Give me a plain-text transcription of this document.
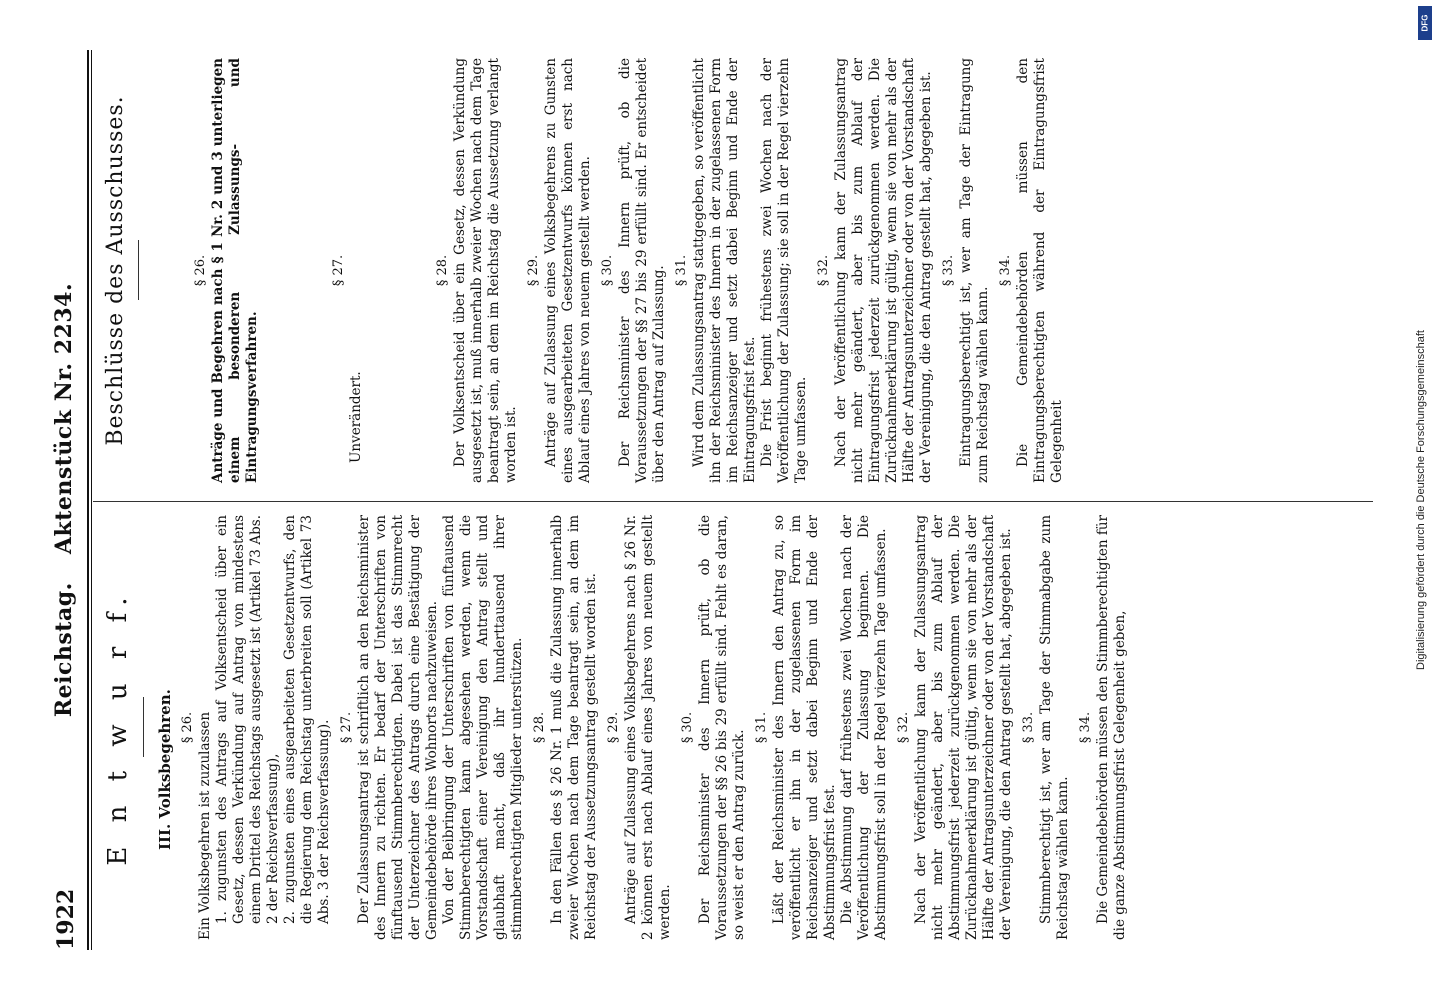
1922
Reichstag. Aktenstück Nr. 2234.
E n t w u r f. III. Volksbegehren. § 26. Ein Volksbegehren ist zuzulassen 1. zugunsten des Antrags auf Volksentscheid über ein Gesetz, dessen Verkündung auf Antrag von mindestens einem Drittel des Reichstags ausgesetzt ist (Artikel 73 Abs. 2 der Reichsverfassung), 2. zugunsten eines ausgearbeiteten Gesetzentwurfs, den die Regierung dem Reichstag unterbreiten soll (Artikel 73 Abs. 3 der Reichsverfassung). § 27. Der Zulassungsantrag ist schriftlich an den Reichsminister des Innern zu richten. Er bedarf der Unterschriften von fünftausend Stimmberechtigten. Dabei ist das Stimmrecht der Unterzeichner des Antrags durch eine Bestätigung der Gemeindebehörde ihres Wohnorts nachzuweisen. Von der Beibringung der Unterschriften von fünftausend Stimmberechtigten kann abgesehen werden, wenn die Vorstandschaft einer Vereinigung den Antrag stellt und glaubhaft macht, daß ihr hunderttausend ihrer stimmberechtigten Mitglieder unterstützen. § 28. In den Fällen des § 26 Nr. 1 muß die Zulassung innerhalb zweier Wochen nach dem Tage beantragt sein, an dem im Reichstag der Aussetzungsantrag gestellt worden ist. § 29. Anträge auf Zulassung eines Volksbegehrens nach § 26 Nr. 2 können erst nach Ablauf eines Jahres von neuem gestellt werden.

§ 30. Der Reichsminister des Innern prüft, ob die Voraussetzungen der §§ 26 bis 29 erfüllt sind. Fehlt es daran, so weist er den Antrag zurück.

§ 31. Läßt der Reichsminister des Innern den Antrag zu, so veröffentlicht er ihn in der zugelassenen Form im Reichsanzeiger und setzt dabei Beginn und Ende der Abstimmungsfrist fest. Die Abstimmung darf frühestens zwei Wochen nach der Veröffentlichung der Zulassung beginnen. Die Abstimmungsfrist soll in der Regel vierzehn Tage umfassen. § 32. Nach der Veröffentlichung kann der Zulassungsantrag nicht mehr geändert, aber bis zum Ablauf der Abstimmungsfrist jederzeit zurückgenommen werden. Die Zurücknahmeerklärung ist gültig, wenn sie von mehr als der Hälfte der Antragsunterzeichner oder von der Vorstandschaft der Vereinigung, die den Antrag gestellt hat, abgegeben ist. § 33. Stimmberechtigt ist, wer am Tage der Stimmabgabe zum Reichstag wählen kann.

§ 34. Die Gemeindebehörden müssen den Stimmberechtigten für die ganze Abstimmungsfrist Gelegenheit geben,

Beschlüsse des Ausschusses.	§ 26. Anträge und Begehren nach § 1 Nr. 2 und 3 unterliegen einem besonderen Zulassungs- und Eintragungsverfahren.

§ 27.

Unverändert.

§ 28. Der Volksentscheid über ein Gesetz, dessen Verkündung ausgesetzt ist, muß innerhalb zweier Wochen nach dem Tage beantragt sein, an dem im Reichstag die Aussetzung verlangt worden ist.

§ 29. Anträge auf Zulassung eines Volksbegehrens zu Gunsten eines ausgearbeiteten Gesetzentwurfs können erst nach Ablauf eines Jahres von neuem gestellt werden. § 30. Der Reichsminister des Innern prüft, ob die Voraussetzungen der §§ 27 bis 29 erfüllt sind. Er entscheidet über den Antrag auf Zulassung. § 31. Wird dem Zulassungsantrag stattgegeben, so veröffentlicht ihn der Reichsminister des Innern in der zugelassenen Form im Reichsanzeiger und setzt dabei Beginn und Ende der Eintragungsfrist fest. Die Frist beginnt frühestens zwei Wochen nach der Veröffentlichung der Zulassung; sie soll in der Regel vierzehn Tage umfassen.

§ 32. Nach der Veröffentlichung kann der Zulassungsantrag nicht mehr geändert, aber bis zum Ablauf der Eintragungsfrist jederzeit zurückgenommen werden. Die Zurücknahmeerklärung ist gültig, wenn sie von mehr als der Hälfte der Antragsunterzeichner oder von der Vorstandschaft der Vereinigung, die den Antrag gestellt hat, abgegeben ist. § 33. Eintragungsberechtigt ist, wer am Tage der Eintragung zum Reichstag wählen kann.

§ 34. Die Gemeindebehörden müssen den Eintragungsberechtigten während der Eintragungsfrist Gelegenheit

DFG
Digitalisierung gefördert durch die Deutsche Forschungsgemeinschaft
